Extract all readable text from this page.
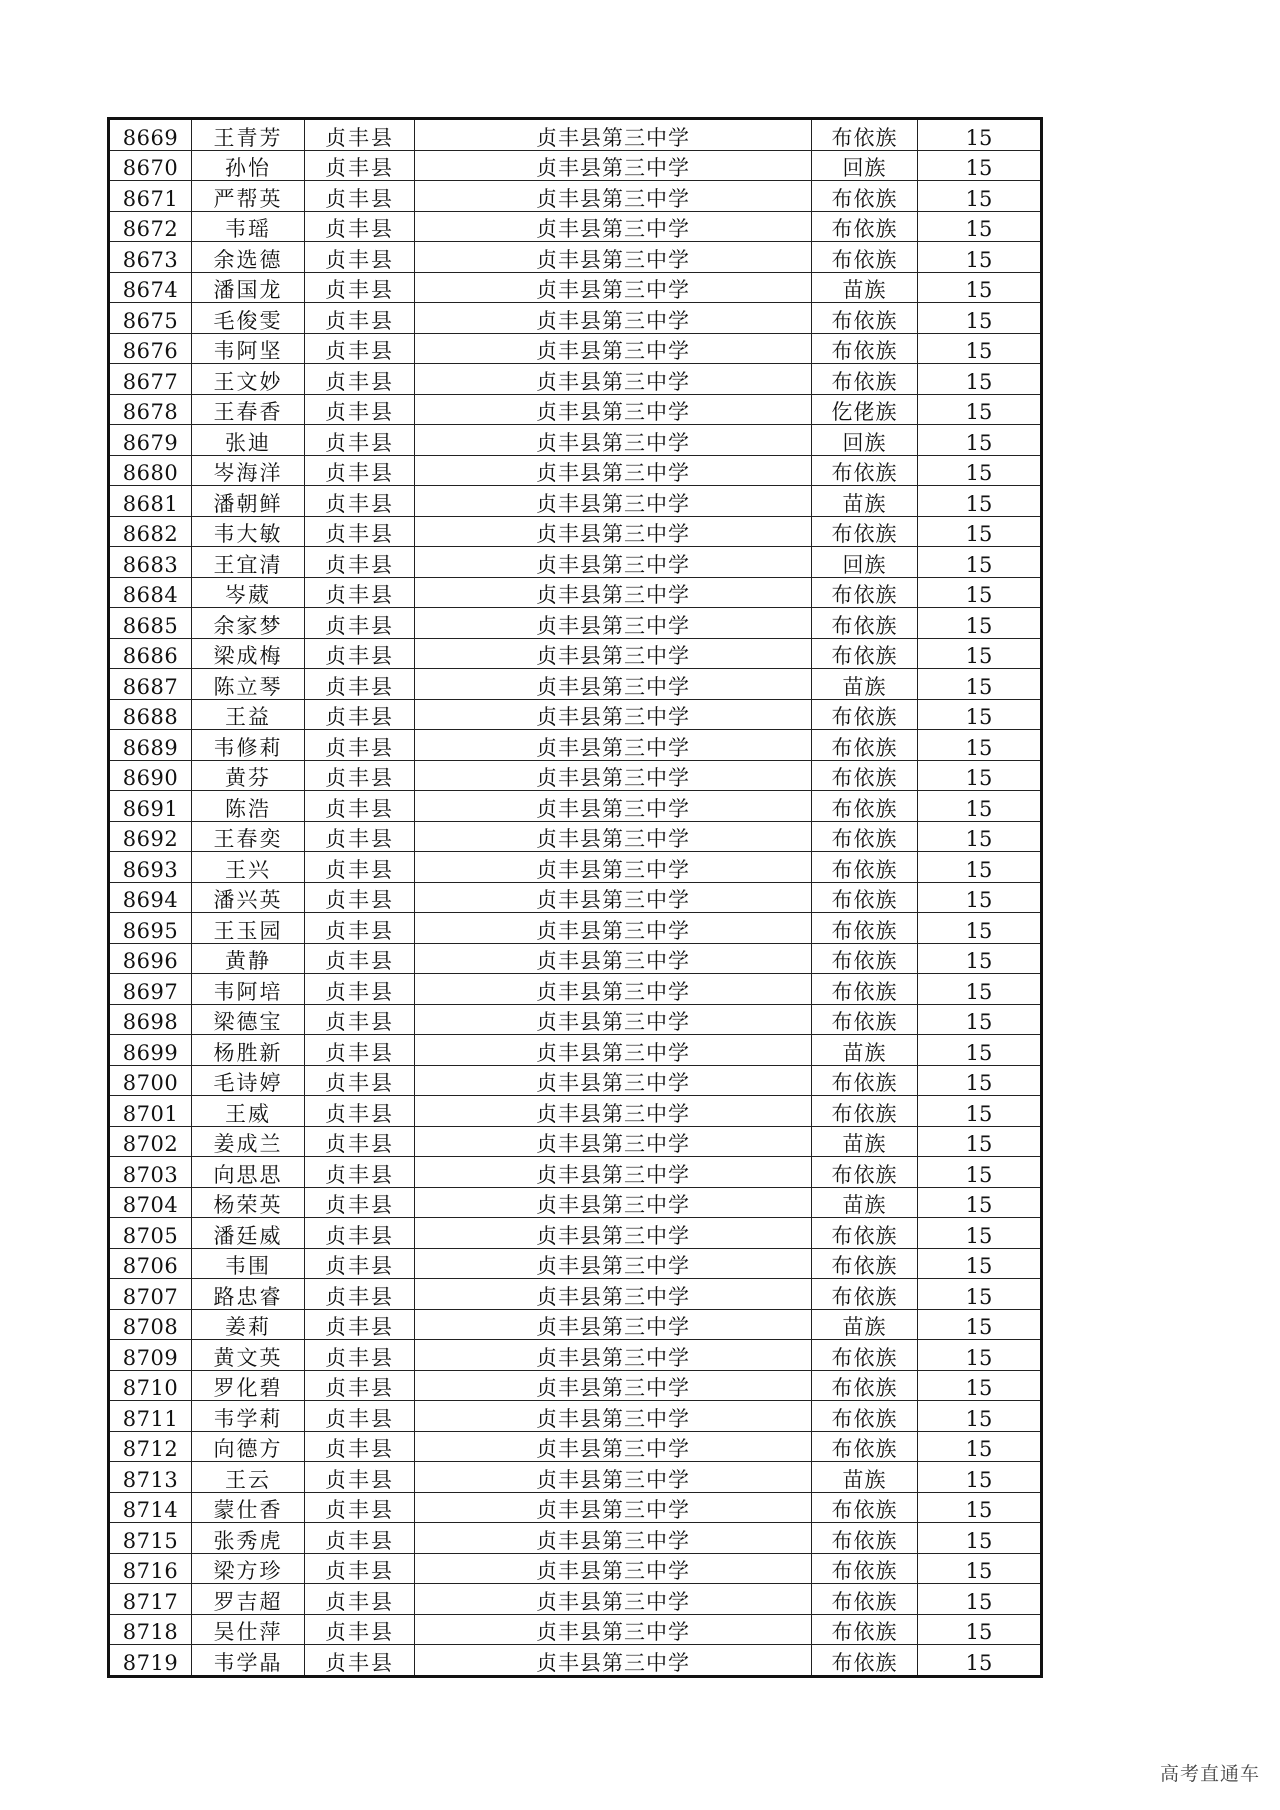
8669	王青芳	贞丰县	贞丰县第三中学	布依族	15
8670	孙怡	贞丰县	贞丰县第三中学	回族	15
8671	严帮英	贞丰县	贞丰县第三中学	布依族	15
8672	韦瑶	贞丰县	贞丰县第三中学	布依族	15
8673	余选德	贞丰县	贞丰县第三中学	布依族	15
8674	潘国龙	贞丰县	贞丰县第三中学	苗族	15
8675	毛俊雯	贞丰县	贞丰县第三中学	布依族	15
8676	韦阿坚	贞丰县	贞丰县第三中学	布依族	15
8677	王文妙	贞丰县	贞丰县第三中学	布依族	15
8678	王春香	贞丰县	贞丰县第三中学	仡佬族	15
8679	张迪	贞丰县	贞丰县第三中学	回族	15
8680	岑海洋	贞丰县	贞丰县第三中学	布依族	15
8681	潘朝鲜	贞丰县	贞丰县第三中学	苗族	15
8682	韦大敏	贞丰县	贞丰县第三中学	布依族	15
8683	王宜清	贞丰县	贞丰县第三中学	回族	15
8684	岑葳	贞丰县	贞丰县第三中学	布依族	15
8685	余家梦	贞丰县	贞丰县第三中学	布依族	15
8686	梁成梅	贞丰县	贞丰县第三中学	布依族	15
8687	陈立琴	贞丰县	贞丰县第三中学	苗族	15
8688	王益	贞丰县	贞丰县第三中学	布依族	15
8689	韦修莉	贞丰县	贞丰县第三中学	布依族	15
8690	黄芬	贞丰县	贞丰县第三中学	布依族	15
8691	陈浩	贞丰县	贞丰县第三中学	布依族	15
8692	王春奕	贞丰县	贞丰县第三中学	布依族	15
8693	王兴	贞丰县	贞丰县第三中学	布依族	15
8694	潘兴英	贞丰县	贞丰县第三中学	布依族	15
8695	王玉园	贞丰县	贞丰县第三中学	布依族	15
8696	黄静	贞丰县	贞丰县第三中学	布依族	15
8697	韦阿培	贞丰县	贞丰县第三中学	布依族	15
8698	梁德宝	贞丰县	贞丰县第三中学	布依族	15
8699	杨胜新	贞丰县	贞丰县第三中学	苗族	15
8700	毛诗婷	贞丰县	贞丰县第三中学	布依族	15
8701	王威	贞丰县	贞丰县第三中学	布依族	15
8702	姜成兰	贞丰县	贞丰县第三中学	苗族	15
8703	向思思	贞丰县	贞丰县第三中学	布依族	15
8704	杨荣英	贞丰县	贞丰县第三中学	苗族	15
8705	潘廷威	贞丰县	贞丰县第三中学	布依族	15
8706	韦围	贞丰县	贞丰县第三中学	布依族	15
8707	路忠睿	贞丰县	贞丰县第三中学	布依族	15
8708	姜莉	贞丰县	贞丰县第三中学	苗族	15
8709	黄文英	贞丰县	贞丰县第三中学	布依族	15
8710	罗化碧	贞丰县	贞丰县第三中学	布依族	15
8711	韦学莉	贞丰县	贞丰县第三中学	布依族	15
8712	向德方	贞丰县	贞丰县第三中学	布依族	15
8713	王云	贞丰县	贞丰县第三中学	苗族	15
8714	蒙仕香	贞丰县	贞丰县第三中学	布依族	15
8715	张秀虎	贞丰县	贞丰县第三中学	布依族	15
8716	梁方珍	贞丰县	贞丰县第三中学	布依族	15
8717	罗吉超	贞丰县	贞丰县第三中学	布依族	15
8718	吴仕萍	贞丰县	贞丰县第三中学	布依族	15
8719	韦学晶	贞丰县	贞丰县第三中学	布依族	15
高考直通车
